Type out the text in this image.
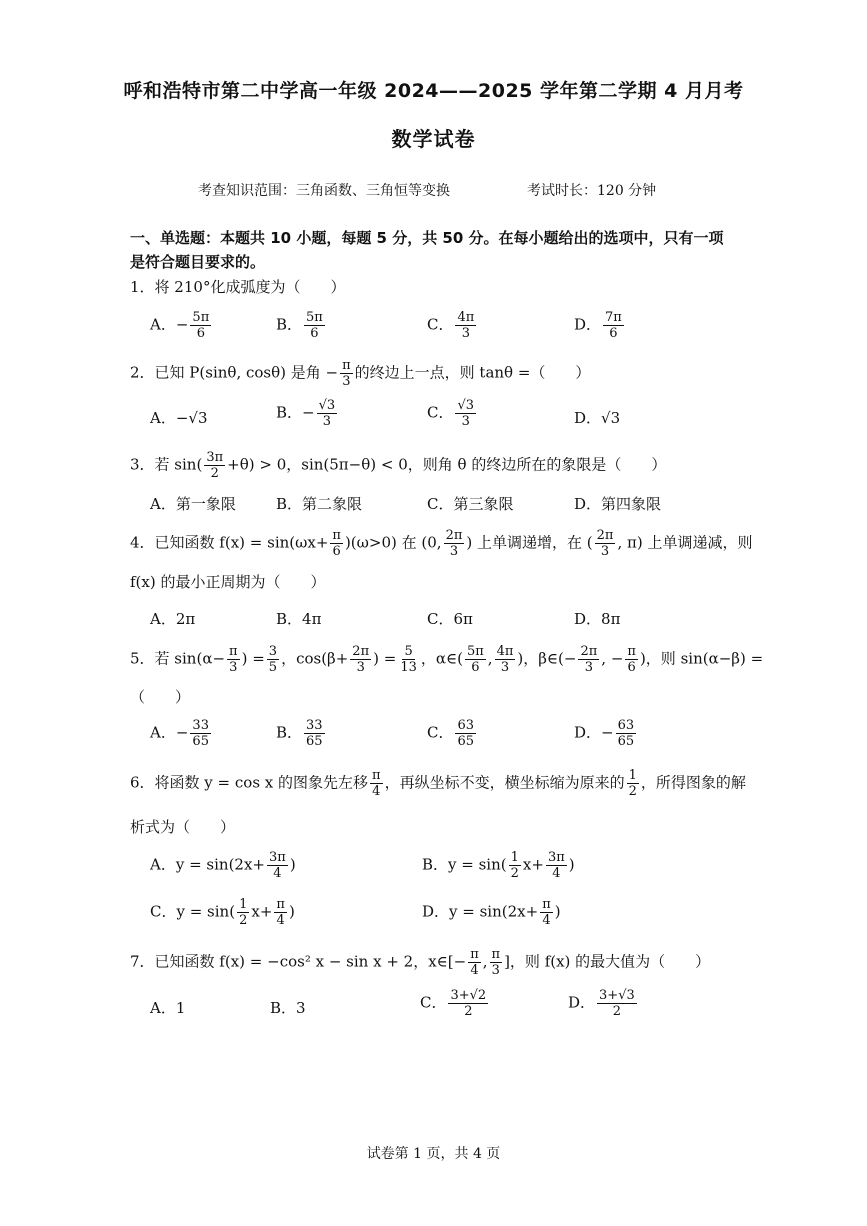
呼和浩特市第二中学高一年级 2024——2025 学年第二学期 4 月月考
数学试卷
考查知识范围：三角函数、三角恒等变换	考试时长：120 分钟
一、单选题：本题共 10 小题，每题 5 分，共 50 分。在每小题给出的选项中，只有一项是符合题目要求的。
1．将 210°化成弧度为（　　）
A．− $\frac{5\pi}{6}$	B． $\frac{5\pi}{6}$	C． $\frac{4\pi}{3}$	D． $\frac{7\pi}{6}$
2．已知 P(sinθ, cosθ) 是角 − $\frac{\pi}{3}$ 的终边上一点，则 tanθ =（　　）
A．−√3	B．− $\frac{√3}{3}$	C． $\frac{√3}{3}$	D．√3
3．若 $\sin( \frac{3\pi}{2} +\theta) > 0$，sin(5π−θ) < 0，则角 θ 的终边所在的象限是（　　）
A．第一象限	B．第二象限	C．第三象限	D．第四象限
4．已知函数 $f(x) = \sin(\omega x+ \frac{\pi}{6} )(\omega>0)$ 在 (0, $\frac{2\pi}{3}$ ) 上单调递增，在 ( $\frac{2\pi}{3}$ , π) 上单调递减，则
f(x) 的最小正周期为（　　）
A．2π	B．4π	C．6π	D．8π
5．若 $\sin(\alpha- \frac{\pi}{3}$ ) = $\frac{3}{5}$ ，$\cos(\beta+ \frac{2\pi}{3}$ ) = $\frac{5}{13}$ ，α∈( $\frac{5\pi}{6}$ , $\frac{4\pi}{3}$ )，β∈(− $\frac{2\pi}{3}$ , − $\frac{\pi}{6}$ )，则 sin(α−β) =
（　　）
A．− $\frac{33}{65}$	B． $\frac{33}{65}$	C． $\frac{63}{65}$	D．− $\frac{63}{65}$
6．将函数 y = cos x 的图象先左移 $\frac{\pi}{4}$ ，再纵坐标不变，横坐标缩为原来的 $\frac{1}{2}$ ，所得图象的解
析式为（　　）
A．$y = \sin(2x+ \frac{3\pi}{4}$ )	B．$y = \sin( \frac{1}{2} x+ \frac{3\pi}{4}$ )
C．$y = \sin( \frac{1}{2} x+ \frac{\pi}{4}$ )	D．$y = \sin(2x+ \frac{\pi}{4}$ )
7．已知函数 f(x) = −cos² x − sin x + 2，x∈[− $\frac{\pi}{4}$ , $\frac{\pi}{3}$ ]，则 f(x) 的最大值为（　　）
A．1	B．3	C． $\frac{3+√2}{2}$	D． $\frac{3+√3}{2}$
试卷第 1 页，共 4 页
